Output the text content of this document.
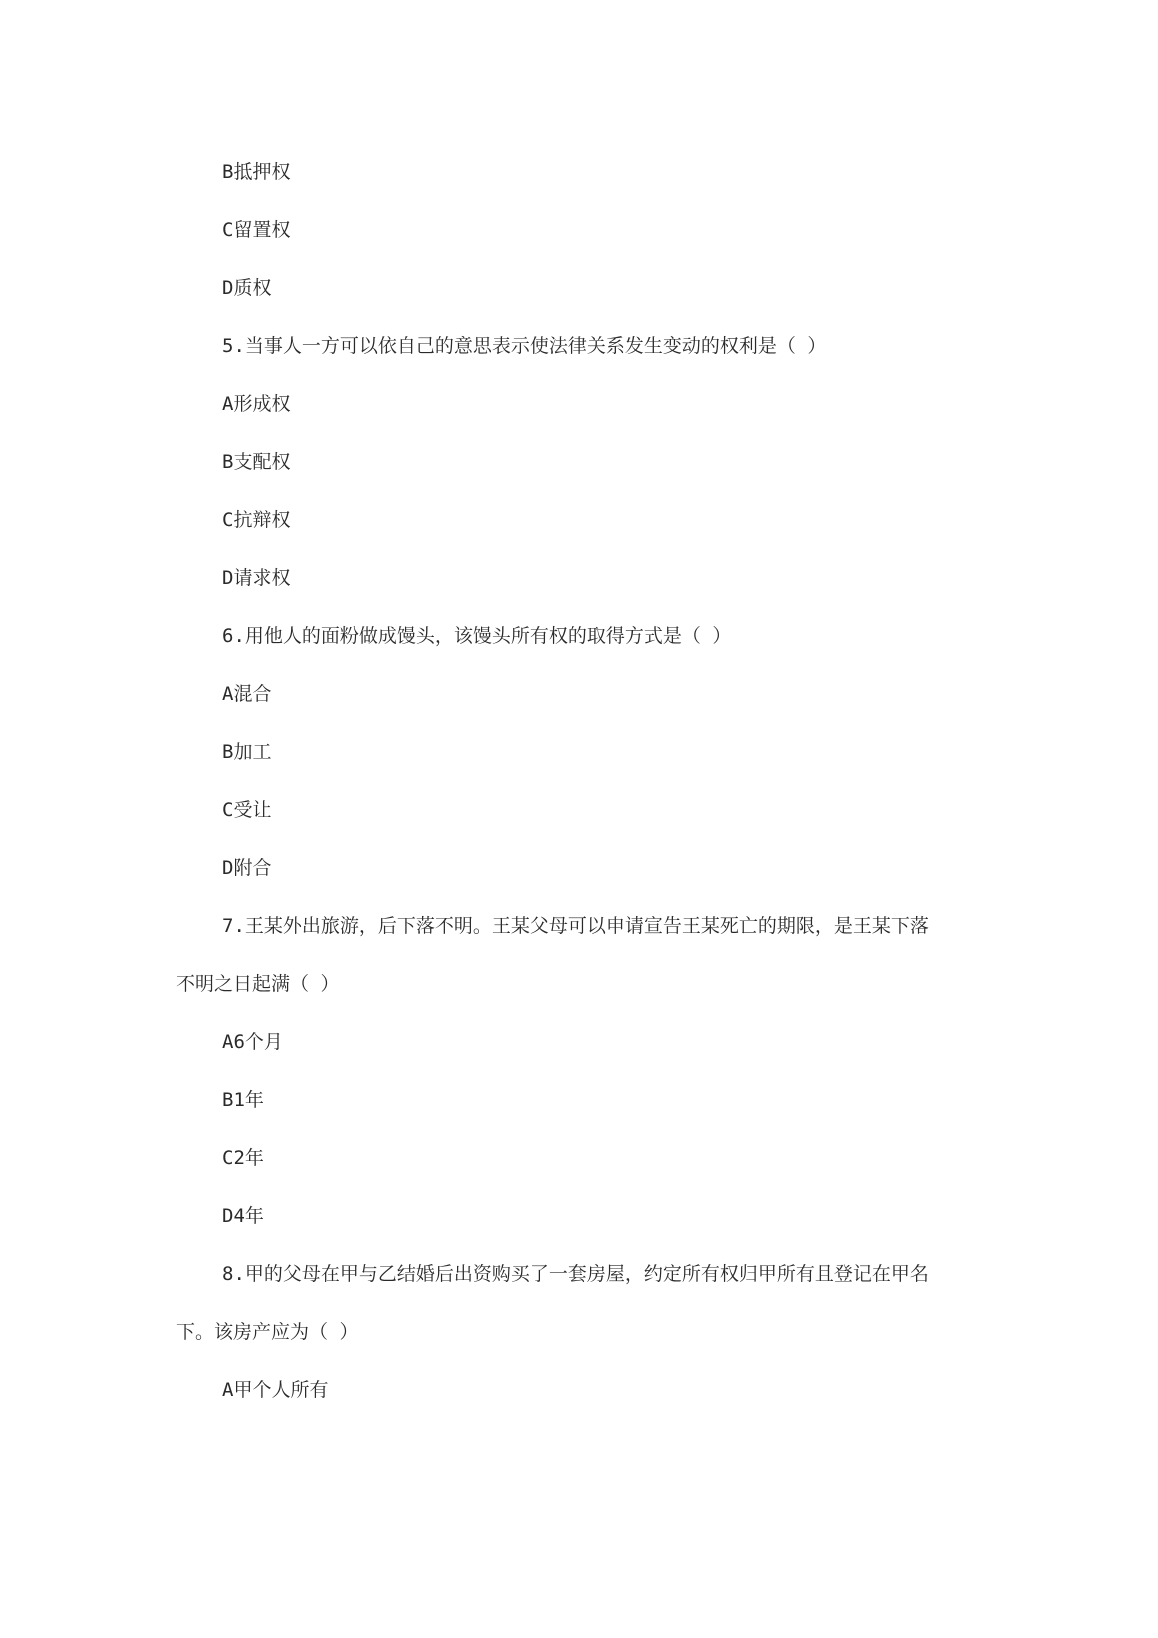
B抵押权
C留置权
D质权
5.当事人一方可以依自己的意思表示使法律关系发生变动的权利是（ ）
A形成权
B支配权
C抗辩权
D请求权
6.用他人的面粉做成馒头，该馒头所有权的取得方式是（ ）
A混合
B加工
C受让
D附合
7.王某外出旅游，后下落不明。王某父母可以申请宣告王某死亡的期限，是王某下落
不明之日起满（ ）
A6个月
B1年
C2年
D4年
8.甲的父母在甲与乙结婚后出资购买了一套房屋，约定所有权归甲所有且登记在甲名
下。该房产应为（ ）
A甲个人所有
